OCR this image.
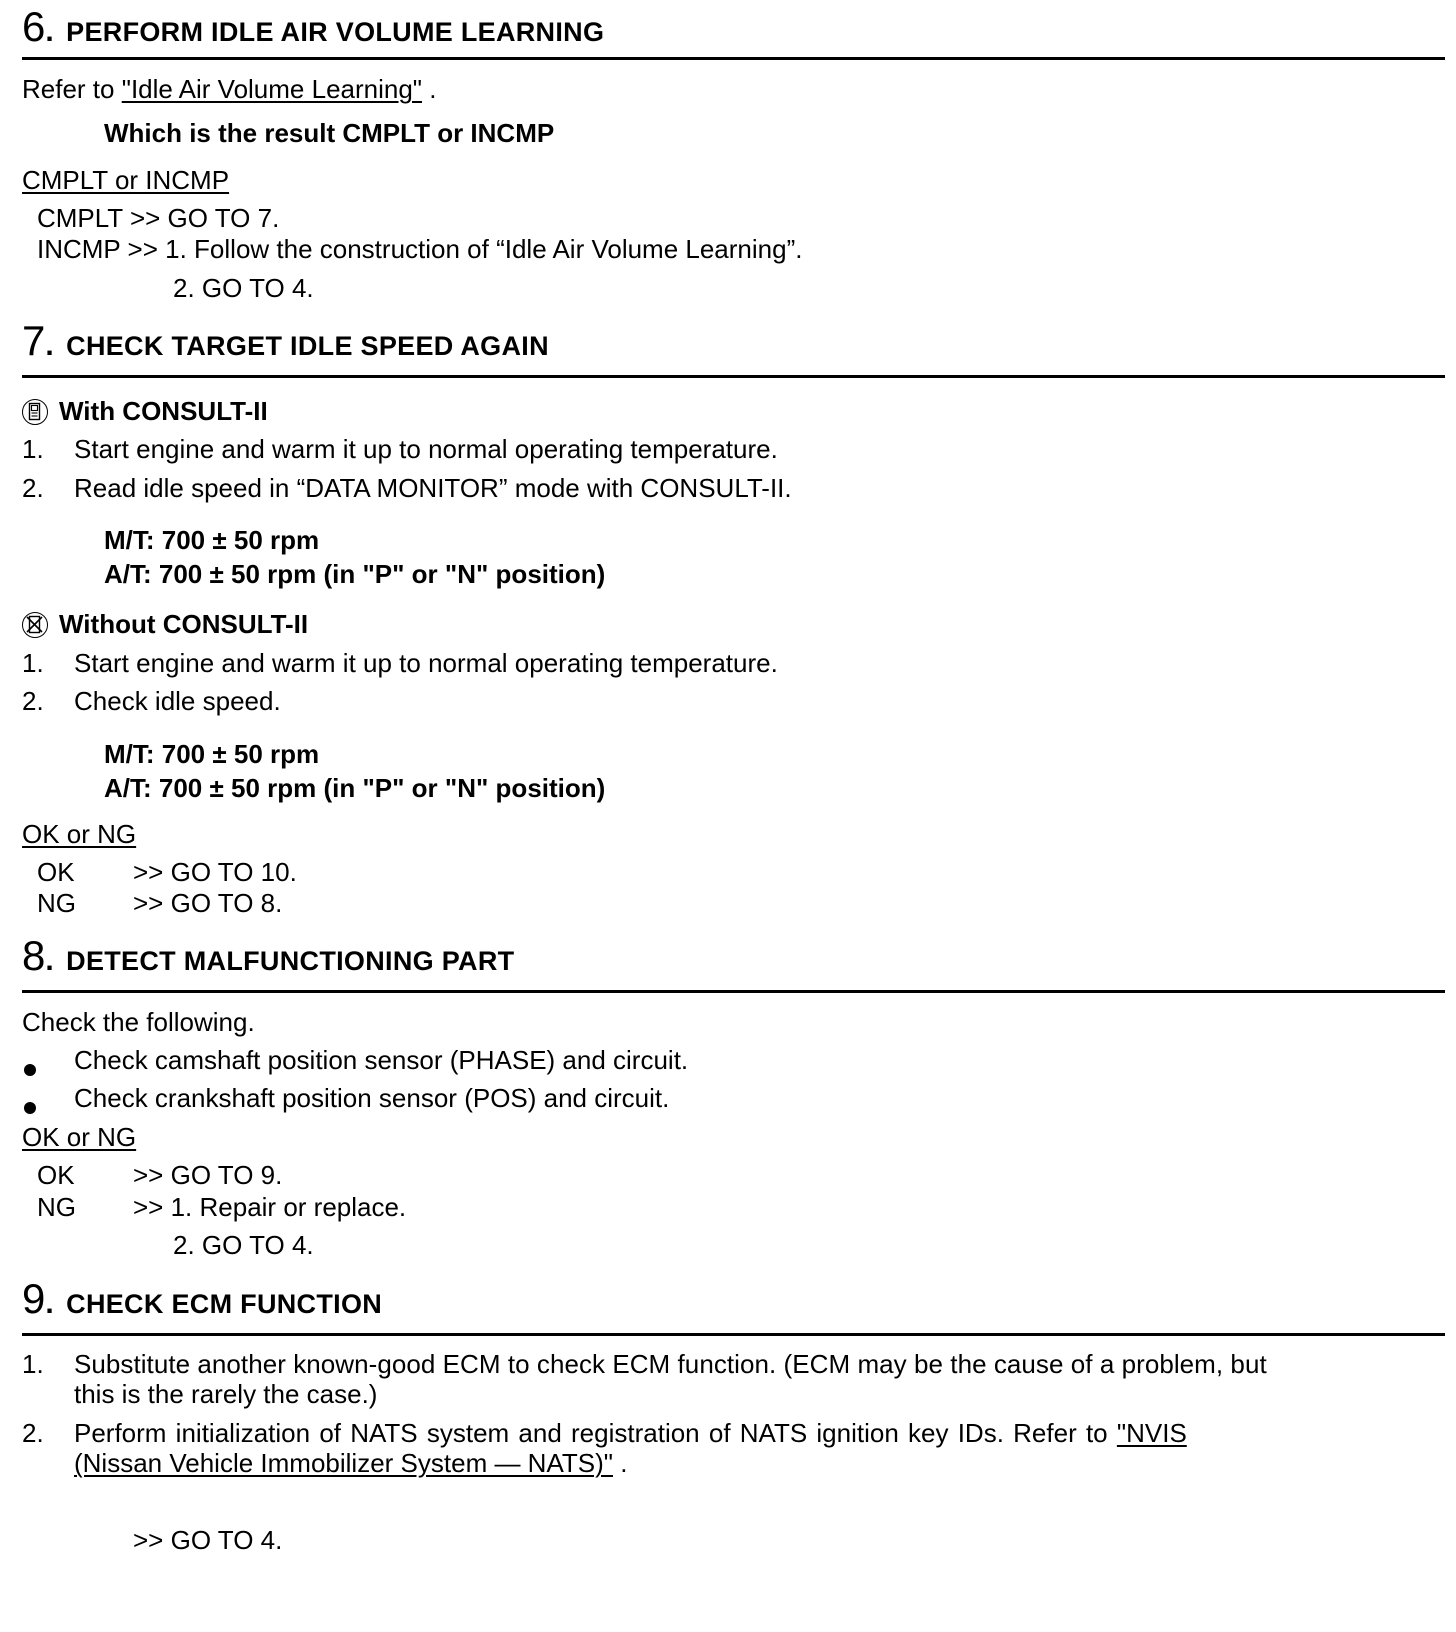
6. PERFORM IDLE AIR VOLUME LEARNING
Refer to "Idle Air Volume Learning" .
Which is the result CMPLT or INCMP
CMPLT or INCMP
CMPLT >> GO TO 7.
INCMP >> 1. Follow the construction of “Idle Air Volume Learning”.
2. GO TO 4.
7. CHECK TARGET IDLE SPEED AGAIN
With CONSULT-II
1. Start engine and warm it up to normal operating temperature.
2. Read idle speed in “DATA MONITOR” mode with CONSULT-II.
M/T: 700 ± 50 rpm
A/T: 700 ± 50 rpm (in "P" or "N" position)
Without CONSULT-II
1. Start engine and warm it up to normal operating temperature.
2. Check idle speed.
M/T: 700 ± 50 rpm
A/T: 700 ± 50 rpm (in "P" or "N" position)
OK or NG
OK >> GO TO 10.
NG >> GO TO 8.
8. DETECT MALFUNCTIONING PART
Check the following.
Check camshaft position sensor (PHASE) and circuit.
Check crankshaft position sensor (POS) and circuit.
OK or NG
OK >> GO TO 9.
NG >> 1. Repair or replace.
2. GO TO 4.
9. CHECK ECM FUNCTION
1. Substitute another known-good ECM to check ECM function. (ECM may be the cause of a problem, but
this is the rarely the case.)
2. Perform initialization of NATS system and registration of NATS ignition key IDs. Refer to "NVIS
(Nissan Vehicle Immobilizer System — NATS)" .
>> GO TO 4.
